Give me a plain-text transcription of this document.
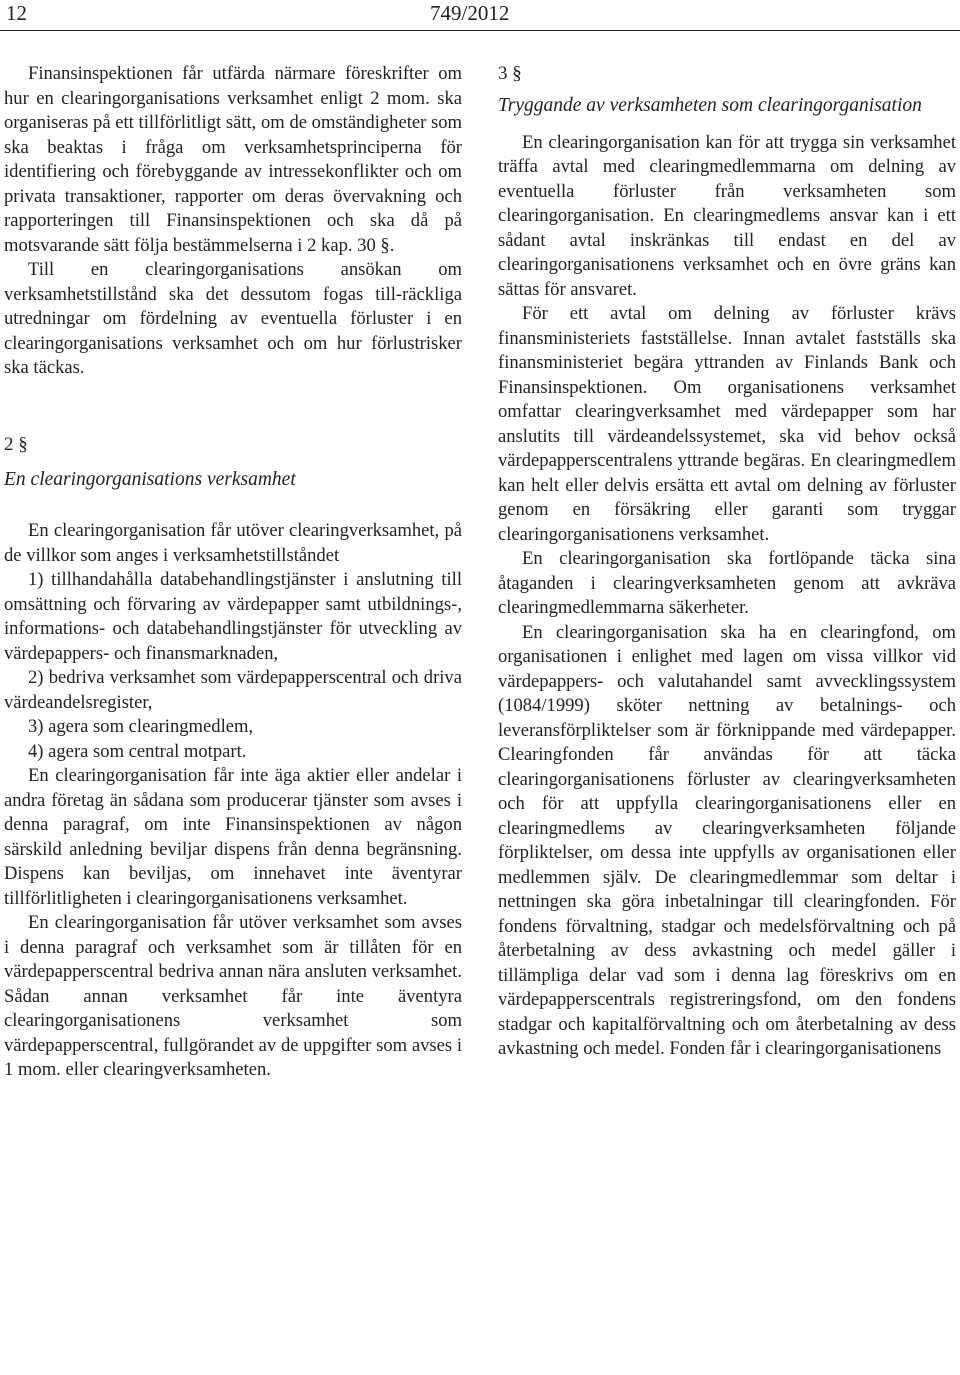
12	749/2012

Finansinspektionen får utfärda närmare föreskrifter om hur en clearingorganisations verksamhet enligt 2 mom. ska organiseras på ett tillförlitligt sätt, om de omständigheter som ska beaktas i fråga om verksamhetsprinciperna för identifiering och förebyggande av intressekonflikter och om privata transaktioner, rapporter om deras övervakning och rapporteringen till Finansinspektionen och ska då på motsvarande sätt följa bestämmelserna i 2 kap. 30 §.

Till en clearingorganisations ansökan om verksamhetstillstånd ska det dessutom fogas till-räckliga utredningar om fördelning av eventuella förluster i en clearingorganisations verksamhet och om hur förlustrisker ska täckas.

2 §

En clearingorganisations verksamhet

En clearingorganisation får utöver clearingverksamhet, på de villkor som anges i verksamhetstillståndet

1) tillhandahålla databehandlingstjänster i anslutning till omsättning och förvaring av värdepapper samt utbildnings-, informations- och databehandlingstjänster för utveckling av värdepappers- och finansmarknaden,

2) bedriva verksamhet som värdepapperscentral och driva värdeandelsregister,

3) agera som clearingmedlem,

4) agera som central motpart.

En clearingorganisation får inte äga aktier eller andelar i andra företag än sådana som producerar tjänster som avses i denna paragraf, om inte Finansinspektionen av någon särskild anledning beviljar dispens från denna begränsning. Dispens kan beviljas, om innehavet inte äventyrar tillförlitligheten i clearingorganisationens verksamhet.

En clearingorganisation får utöver verksamhet som avses i denna paragraf och verksamhet som är tillåten för en värdepapperscentral bedriva annan nära ansluten verksamhet. Sådan annan verksamhet får inte äventyra clearingorganisationens verksamhet som värdepapperscentral, fullgörandet av de uppgifter som avses i 1 mom. eller clearingverksamheten.

3 §

Tryggande av verksamheten som clearingorganisation

En clearingorganisation kan för att trygga sin verksamhet träffa avtal med clearingmedlemmarna om delning av eventuella förluster från verksamheten som clearingorganisation. En clearingmedlems ansvar kan i ett sådant avtal inskränkas till endast en del av clearingorganisationens verksamhet och en övre gräns kan sättas för ansvaret.

För ett avtal om delning av förluster krävs finansministeriets fastställelse. Innan avtalet fastställs ska finansministeriet begära yttranden av Finlands Bank och Finansinspektionen. Om organisationens verksamhet omfattar clearingverksamhet med värdepapper som har anslutits till värdeandelssystemet, ska vid behov också värdepapperscentralens yttrande begäras. En clearingmedlem kan helt eller delvis ersätta ett avtal om delning av förluster genom en försäkring eller garanti som tryggar clearingorganisationens verksamhet.

En clearingorganisation ska fortlöpande täcka sina åtaganden i clearingverksamheten genom att avkräva clearingmedlemmarna säkerheter.

En clearingorganisation ska ha en clearingfond, om organisationen i enlighet med lagen om vissa villkor vid värdepappers- och valutahandel samt avvecklingssystem (1084/1999) sköter nettning av betalnings- och leveransförpliktelser som är förknippande med värdepapper. Clearingfonden får användas för att täcka clearingorganisationens förluster av clearingverksamheten och för att uppfylla clearingorganisationens eller en clearingmedlems av clearingverksamheten följande förpliktelser, om dessa inte uppfylls av organisationen eller medlemmen själv. De clearingmedlemmar som deltar i nettningen ska göra inbetalningar till clearingfonden. För fondens förvaltning, stadgar och medelsförvaltning och på återbetalning av dess avkastning och medel gäller i tillämpliga delar vad som i denna lag föreskrivs om en värdepapperscentrals registreringsfond, om den fondens stadgar och kapitalförvaltning och om återbetalning av dess avkastning och medel. Fonden får i clearingorganisationens
